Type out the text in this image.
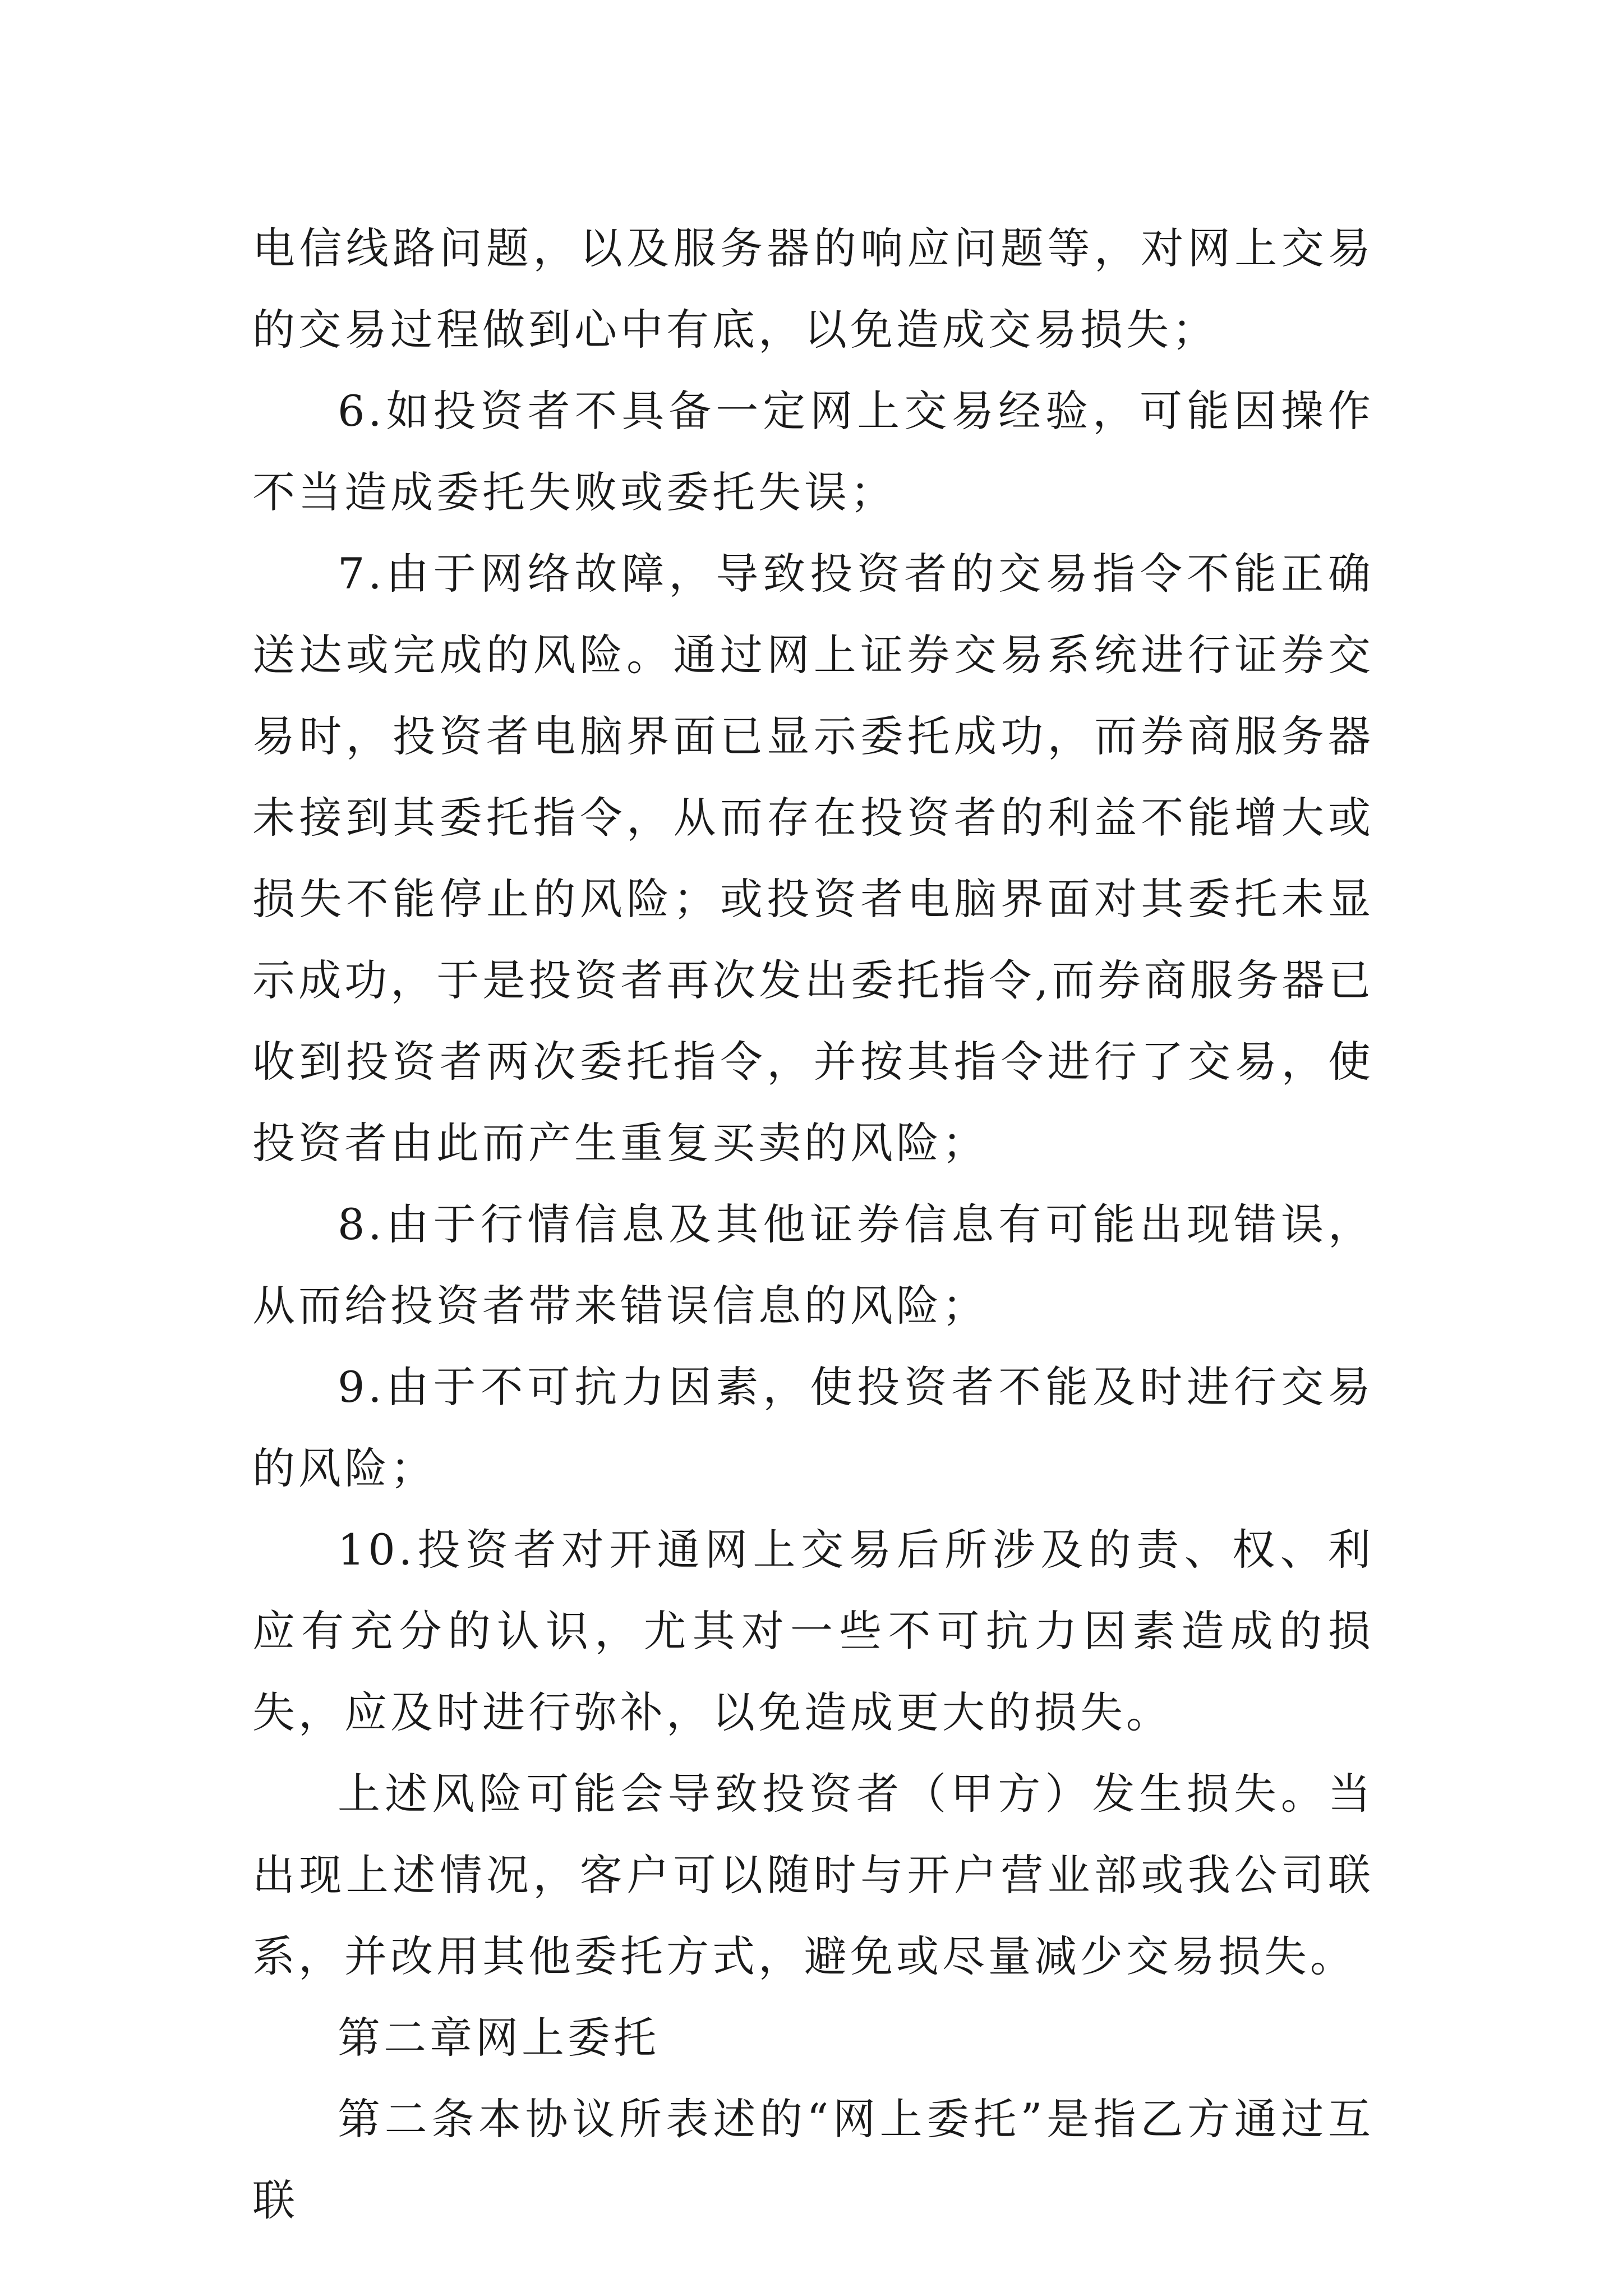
电信线路问题，以及服务器的响应问题等，对网上交易的交易过程做到心中有底，以免造成交易损失；

6.如投资者不具备一定网上交易经验，可能因操作不当造成委托失败或委托失误；

7.由于网络故障，导致投资者的交易指令不能正确送达或完成的风险。通过网上证券交易系统进行证券交易时，投资者电脑界面已显示委托成功，而券商服务器未接到其委托指令，从而存在投资者的利益不能增大或损失不能停止的风险；或投资者电脑界面对其委托未显示成功，于是投资者再次发出委托指令,而券商服务器已收到投资者两次委托指令，并按其指令进行了交易，使投资者由此而产生重复买卖的风险；

8.由于行情信息及其他证券信息有可能出现错误，从而给投资者带来错误信息的风险；

9.由于不可抗力因素，使投资者不能及时进行交易的风险；

10.投资者对开通网上交易后所涉及的责、权、利应有充分的认识，尤其对一些不可抗力因素造成的损失，应及时进行弥补，以免造成更大的损失。

上述风险可能会导致投资者（甲方）发生损失。当出现上述情况，客户可以随时与开户营业部或我公司联系，并改用其他委托方式，避免或尽量减少交易损失。

第二章网上委托

第二条本协议所表述的“网上委托”是指乙方通过互联
